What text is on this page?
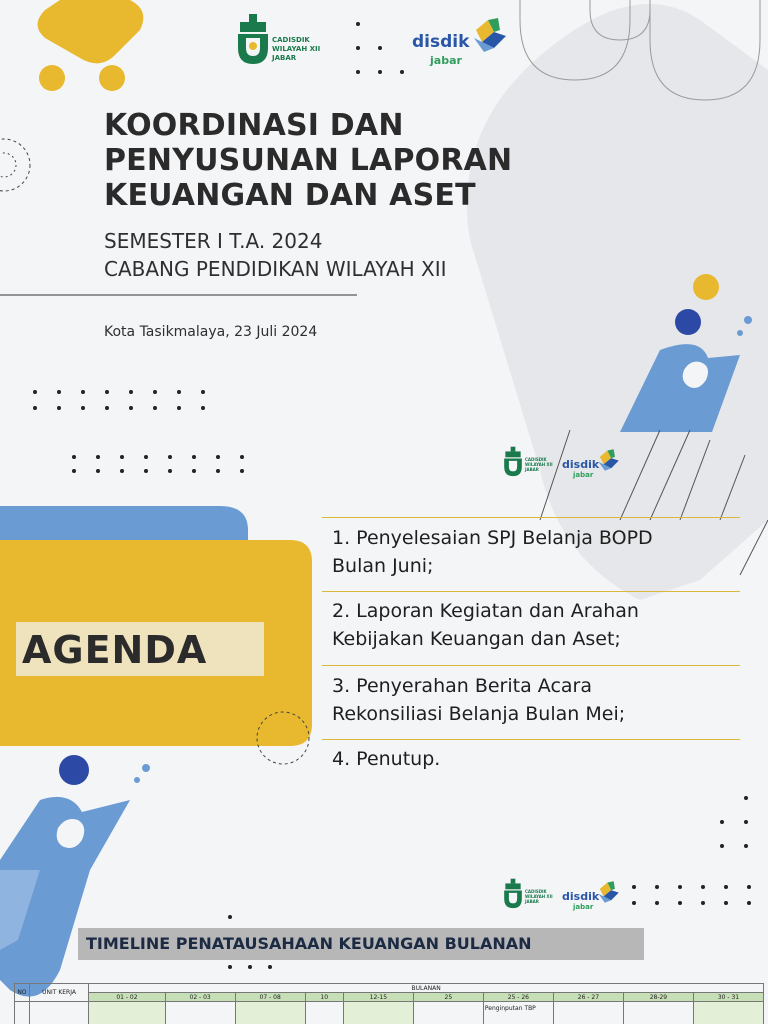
CADISDIK
WILAYAH XII
JABAR
disdik
jabar
KOORDINASI DAN
PENYUSUNAN LAPORAN
KEUANGAN DAN ASET
SEMESTER I T.A. 2024
CABANG PENDIDIKAN WILAYAH XII
Kota Tasikmalaya, 23 Juli 2024
CADISDIK
WILAYAH XII
JABAR disdik
jabar
AGENDA
1. Penyelesaian SPJ Belanja BOPD
Bulan Juni;
2. Laporan Kegiatan dan Arahan
Kebijakan Keuangan dan Aset;
3. Penyerahan Berita Acara
Rekonsiliasi Belanja Bulan Mei;
4. Penutup.
CADISDIK
WILAYAH XII
JABAR disdik
jabar
TIMELINE PENATAUSAHAAN KEUANGAN BULANAN
NO	UNIT KERJA	BULANAN									
		01 - 02	02 - 03	07 - 08	10	12-15	25	25 - 26	26 - 27	28-29	30 - 31
								Penginputan TBP			
